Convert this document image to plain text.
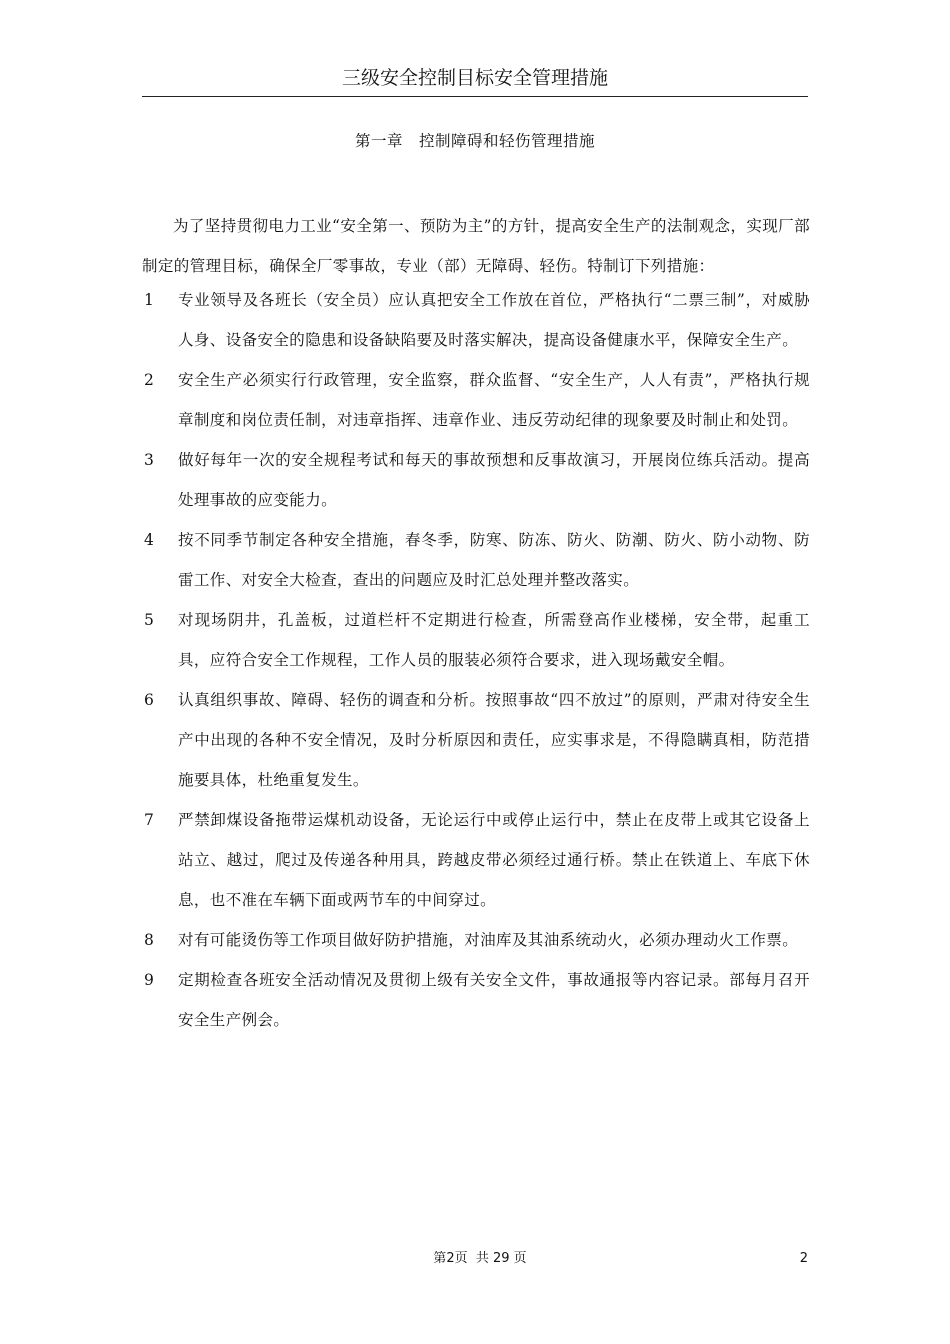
三级安全控制目标安全管理措施
第一章　控制障碍和轻伤管理措施
为了坚持贯彻电力工业“安全第一、预防为主”的方针，提高安全生产的法制观念，实现厂部制定的管理目标，确保全厂零事故，专业（部）无障碍、轻伤。特制订下列措施：
1	专业领导及各班长（安全员）应认真把安全工作放在首位，严格执行“二票三制”，对威胁人身、设备安全的隐患和设备缺陷要及时落实解决，提高设备健康水平，保障安全生产。
2	安全生产必须实行行政管理，安全监察，群众监督、“安全生产，人人有责”，严格执行规章制度和岗位责任制，对违章指挥、违章作业、违反劳动纪律的现象要及时制止和处罚。
3	做好每年一次的安全规程考试和每天的事故预想和反事故演习，开展岗位练兵活动。提高处理事故的应变能力。
4	按不同季节制定各种安全措施，春冬季，防寒、防冻、防火、防潮、防火、防小动物、防雷工作、对安全大检查，查出的问题应及时汇总处理并整改落实。
5	对现场阴井，孔盖板，过道栏杆不定期进行检查，所需登高作业楼梯，安全带，起重工具，应符合安全工作规程，工作人员的服装必须符合要求，进入现场戴安全帽。
6	认真组织事故、障碍、轻伤的调查和分析。按照事故“四不放过”的原则，严肃对待安全生产中出现的各种不安全情况，及时分析原因和责任，应实事求是，不得隐瞒真相，防范措施要具体，杜绝重复发生。
7	严禁卸煤设备拖带运煤机动设备，无论运行中或停止运行中，禁止在皮带上或其它设备上站立、越过，爬过及传递各种用具，跨越皮带必须经过通行桥。禁止在铁道上、车底下休息，也不准在车辆下面或两节车的中间穿过。
8	对有可能烫伤等工作项目做好防护措施，对油库及其油系统动火，必须办理动火工作票。
9	定期检查各班安全活动情况及贯彻上级有关安全文件，事故通报等内容记录。部每月召开安全生产例会。
第2页  共 29 页	2
